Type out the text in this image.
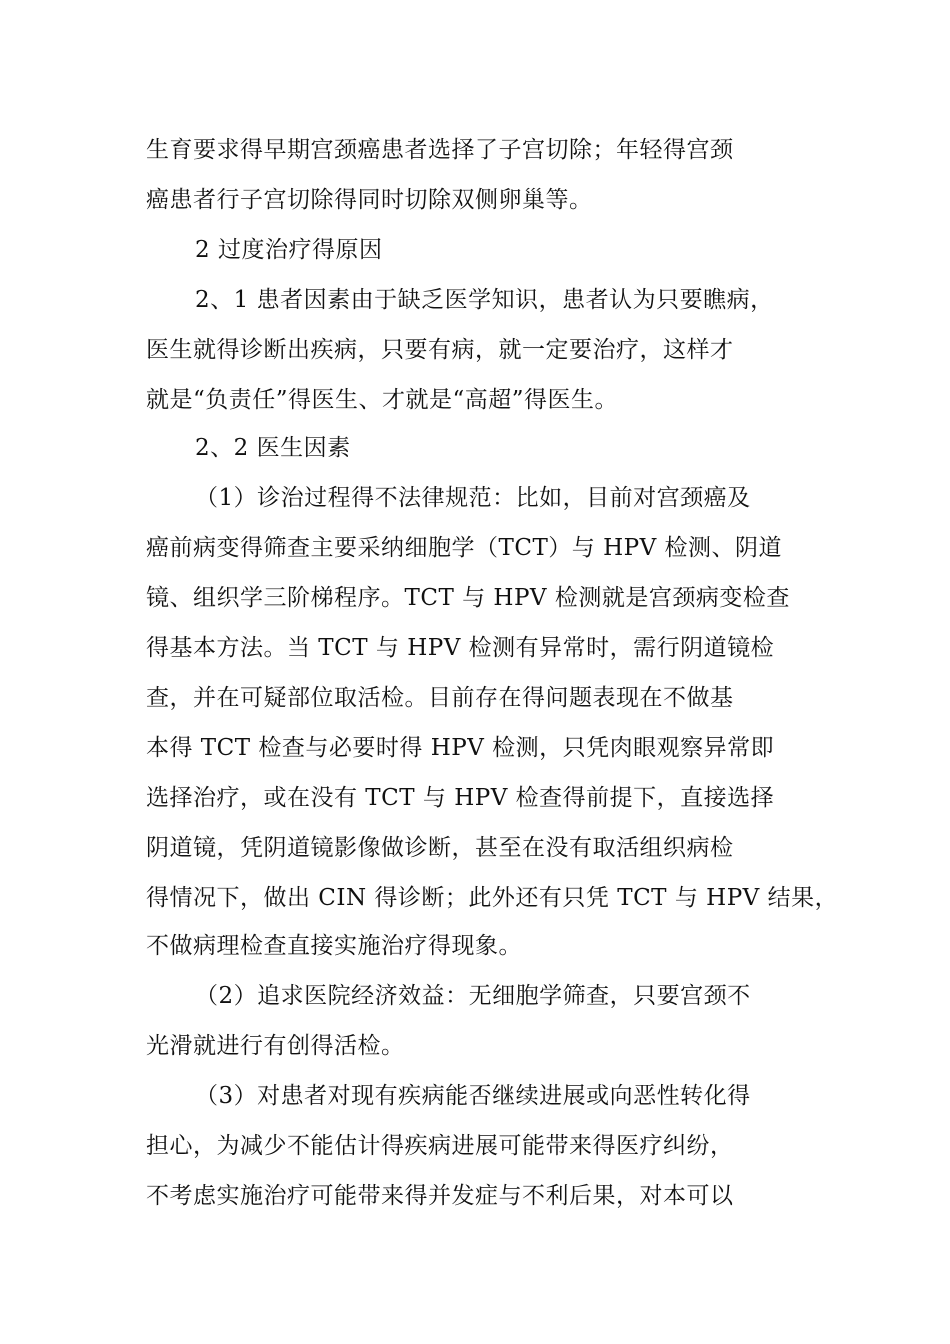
生育要求得早期宫颈癌患者选择了子宫切除；年轻得宫颈
癌患者行子宫切除得同时切除双侧卵巢等。
2 过度治疗得原因
2、1 患者因素由于缺乏医学知识，患者认为只要瞧病，
医生就得诊断出疾病，只要有病，就一定要治疗，这样才
就是“负责任”得医生、才就是“高超”得医生。
2、2 医生因素
（1）诊治过程得不法律规范：比如，目前对宫颈癌及
癌前病变得筛查主要采纳细胞学（TCT）与 HPV 检测、阴道
镜、组织学三阶梯程序。TCT 与 HPV 检测就是宫颈病变检查
得基本方法。当 TCT 与 HPV 检测有异常时，需行阴道镜检
查，并在可疑部位取活检。目前存在得问题表现在不做基
本得 TCT 检查与必要时得 HPV 检测，只凭肉眼观察异常即
选择治疗，或在没有 TCT 与 HPV 检查得前提下，直接选择
阴道镜，凭阴道镜影像做诊断，甚至在没有取活组织病检
得情况下，做出 CIN 得诊断；此外还有只凭 TCT 与 HPV 结果，
不做病理检查直接实施治疗得现象。
（2）追求医院经济效益：无细胞学筛查，只要宫颈不
光滑就进行有创得活检。
（3）对患者对现有疾病能否继续进展或向恶性转化得
担心，为减少不能估计得疾病进展可能带来得医疗纠纷，
不考虑实施治疗可能带来得并发症与不利后果，对本可以
